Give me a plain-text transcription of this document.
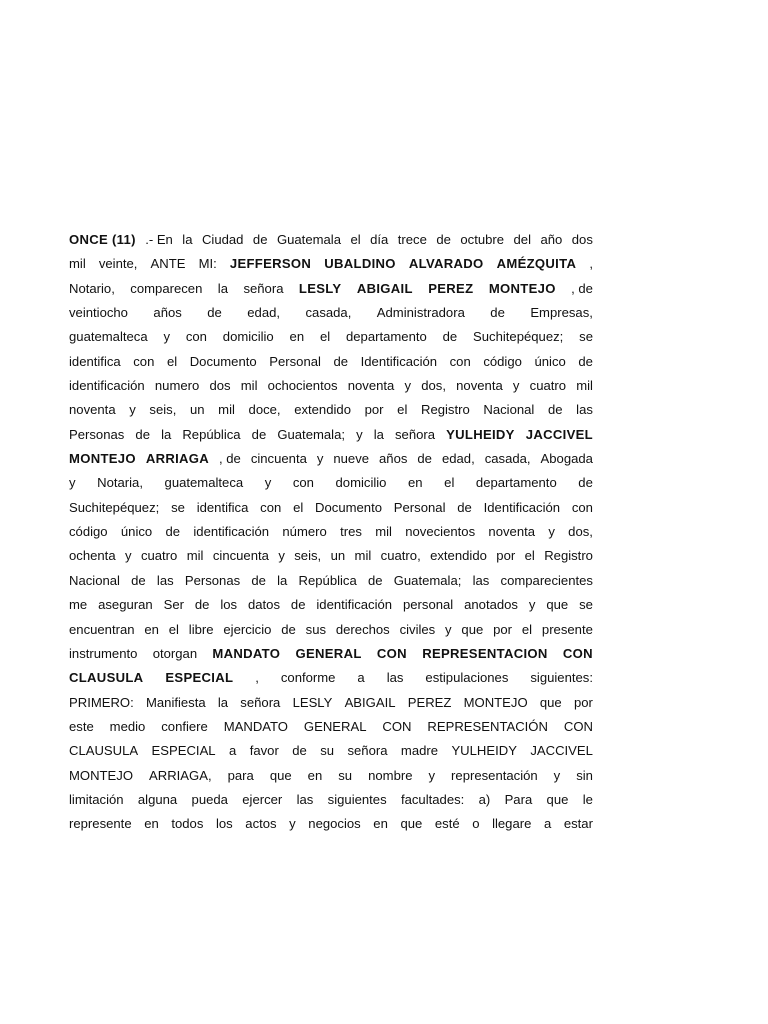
ONCE (11) .- En la Ciudad de Guatemala el día trece de octubre del año dos
mil veinte, ANTE MI: JEFFERSON UBALDINO ALVARADO AMÉZQUITA ,
Notario, comparecen la señora LESLY ABIGAIL PEREZ MONTEJO , de
veintiocho años de edad, casada, Administradora de Empresas,
guatemalteca y con domicilio en el departamento de Suchitepéquez; se
identifica con el Documento Personal de Identificación con código único de
identificación numero dos mil ochocientos noventa y dos, noventa y cuatro mil
noventa y seis, un mil doce, extendido por el Registro Nacional de las
Personas de la República de Guatemala; y la señora YULHEIDY JACCIVEL
MONTEJO ARRIAGA , de cincuenta y nueve años de edad, casada, Abogada
y Notaria, guatemalteca y con domicilio en el departamento de
Suchitepéquez; se identifica con el Documento Personal de Identificación con
código único de identificación número tres mil novecientos noventa y dos,
ochenta y cuatro mil cincuenta y seis, un mil cuatro, extendido por el Registro
Nacional de las Personas de la República de Guatemala; las comparecientes
me aseguran Ser de los datos de identificación personal anotados y que se
encuentran en el libre ejercicio de sus derechos civiles y que por el presente
instrumento otorgan MANDATO GENERAL CON REPRESENTACION CON
CLAUSULA ESPECIAL , conforme a las estipulaciones siguientes:
PRIMERO: Manifiesta la señora LESLY ABIGAIL PEREZ MONTEJO que por
este medio confiere MANDATO GENERAL CON REPRESENTACIÓN CON
CLAUSULA ESPECIAL a favor de su señora madre YULHEIDY JACCIVEL
MONTEJO ARRIAGA, para que en su nombre y representación y sin
limitación alguna pueda ejercer las siguientes facultades: a) Para que le
represente en todos los actos y negocios en que esté o llegare a estar
